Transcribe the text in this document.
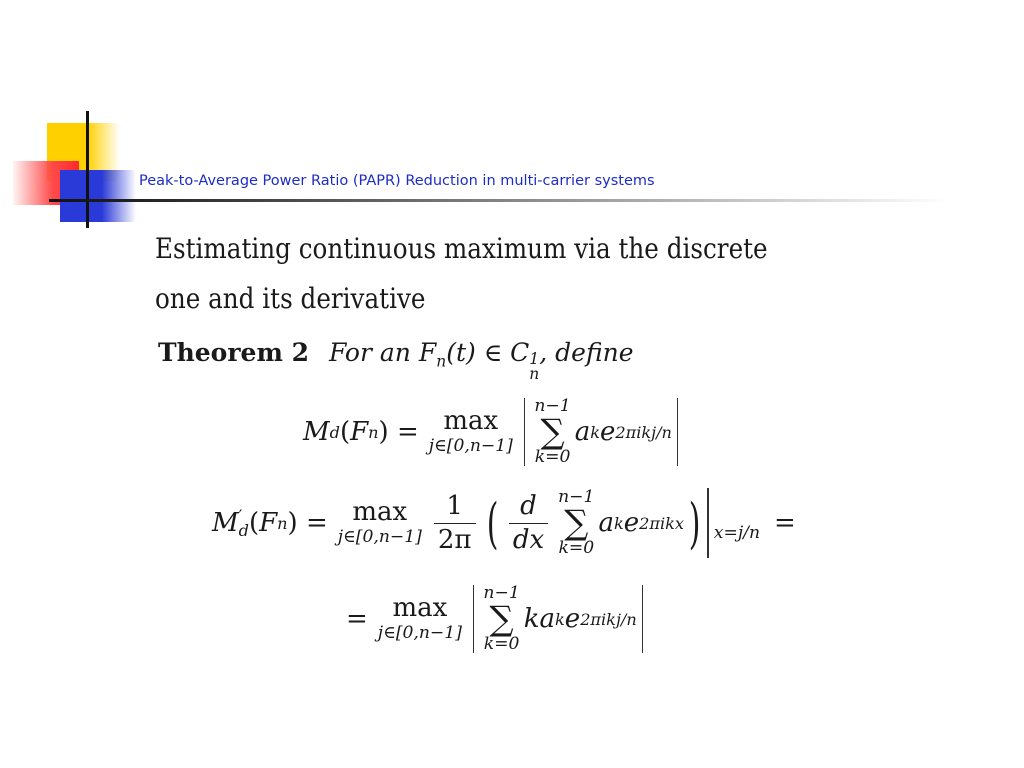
Peak-to-Average Power Ratio (PAPR) Reduction in multi-carrier systems
Estimating continuous maximum via the discrete one and its derivative
Theorem 2 For an $F_n(t)$ ∈ C 1
n
, define
M d ( F n ) = max
j∈[0,n−1]
n−1
∑
k=0
a k e 2πikj/n
M ′
d ( F n ) = max
j∈[0,n−1] $\frac{1}{2\pi}$ ( $\frac{d}{dx} n-1$
∑
k=0
a k e 2πikx ) x=j/n =
= max
j∈[0,n−1]
n−1
∑
k=0
ka k e 2πikj/n
